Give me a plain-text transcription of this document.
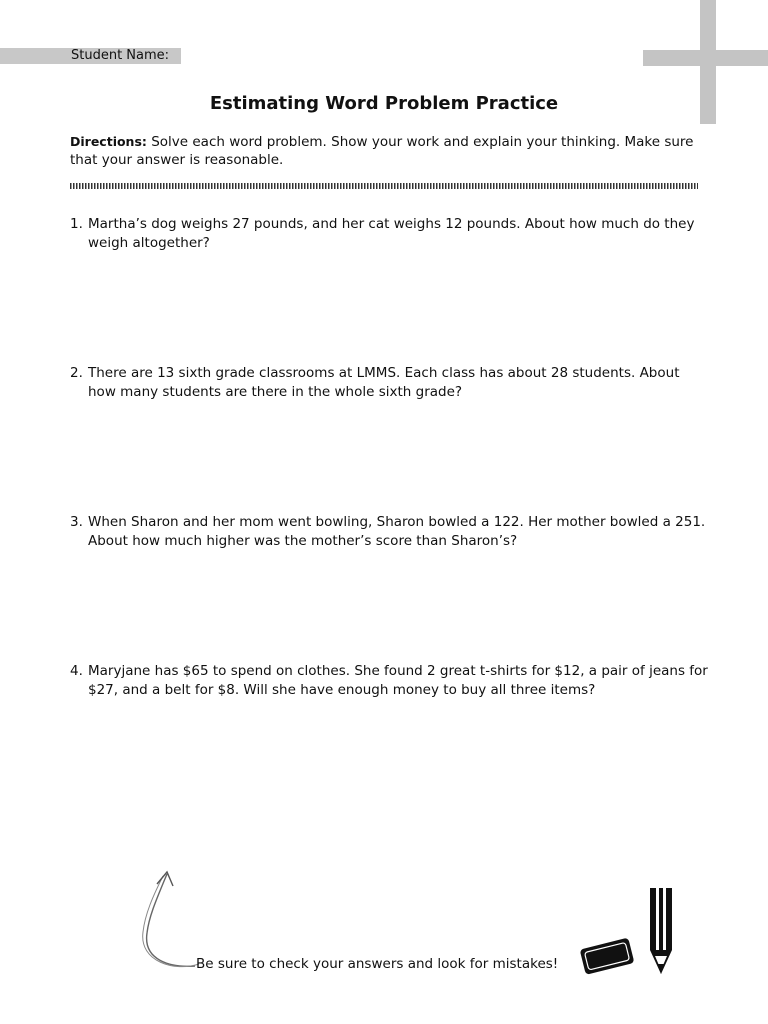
Student Name:
Estimating Word Problem Practice
Directions: Solve each word problem. Show your work and explain your thinking. Make sure that your answer is reasonable.
1. Martha’s dog weighs 27 pounds, and her cat weighs 12 pounds. About how much do they weigh altogether?
2. There are 13 sixth grade classrooms at LMMS. Each class has about 28 students. About how many students are there in the whole sixth grade?
3. When Sharon and her mom went bowling, Sharon bowled a 122. Her mother bowled a 251. About how much higher was the mother’s score than Sharon’s?
4. Maryjane has $65 to spend on clothes. She found 2 great t-shirts for $12, a pair of jeans for $27, and a belt for $8. Will she have enough money to buy all three items?
Be sure to check your answers and look for mistakes!
